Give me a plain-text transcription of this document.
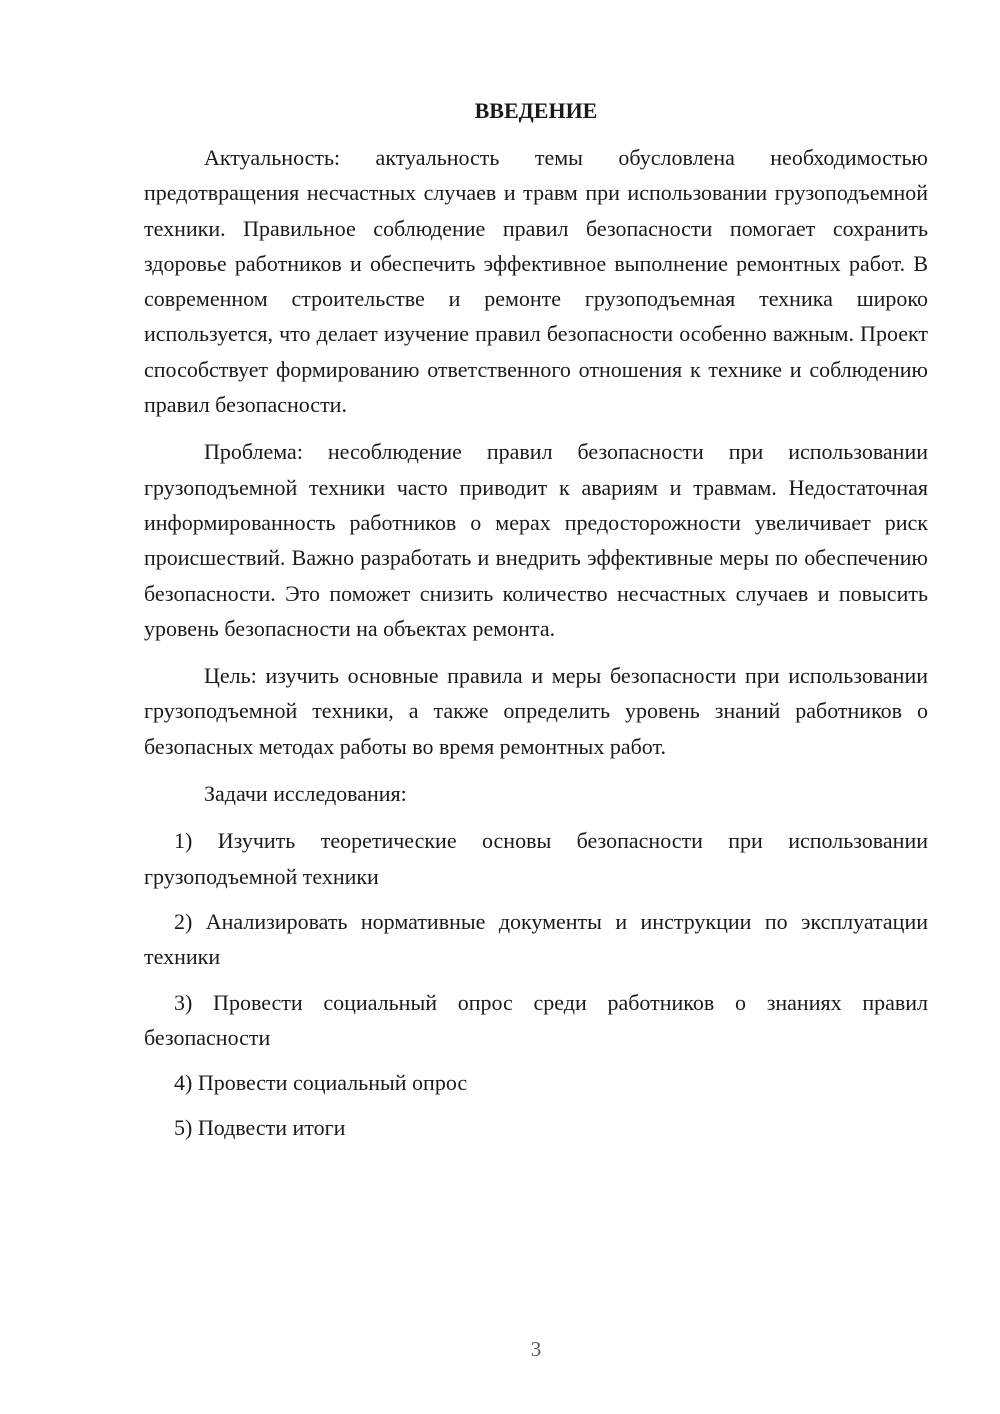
ВВЕДЕНИЕ

Актуальность: актуальность темы обусловлена необходимостью предотвращения несчастных случаев и травм при использовании грузоподъемной техники. Правильное соблюдение правил безопасности помогает сохранить здоровье работников и обеспечить эффективное выполнение ремонтных работ. В современном строительстве и ремонте грузоподъемная техника широко используется, что делает изучение правил безопасности особенно важным. Проект способствует формированию ответственного отношения к технике и соблюдению правил безопасности.

Проблема: несоблюдение правил безопасности при использовании грузоподъемной техники часто приводит к авариям и травмам. Недостаточная информированность работников о мерах предосторожности увеличивает риск происшествий. Важно разработать и внедрить эффективные меры по обеспечению безопасности. Это поможет снизить количество несчастных случаев и повысить уровень безопасности на объектах ремонта.

Цель: изучить основные правила и меры безопасности при использовании грузоподъемной техники, а также определить уровень знаний работников о безопасных методах работы во время ремонтных работ.

Задачи исследования:

1) Изучить теоретические основы безопасности при использовании грузоподъемной техники

2) Анализировать нормативные документы и инструкции по эксплуатации техники

3) Провести социальный опрос среди работников о знаниях правил безопасности

4) Провести социальный опрос

5) Подвести итоги

3
